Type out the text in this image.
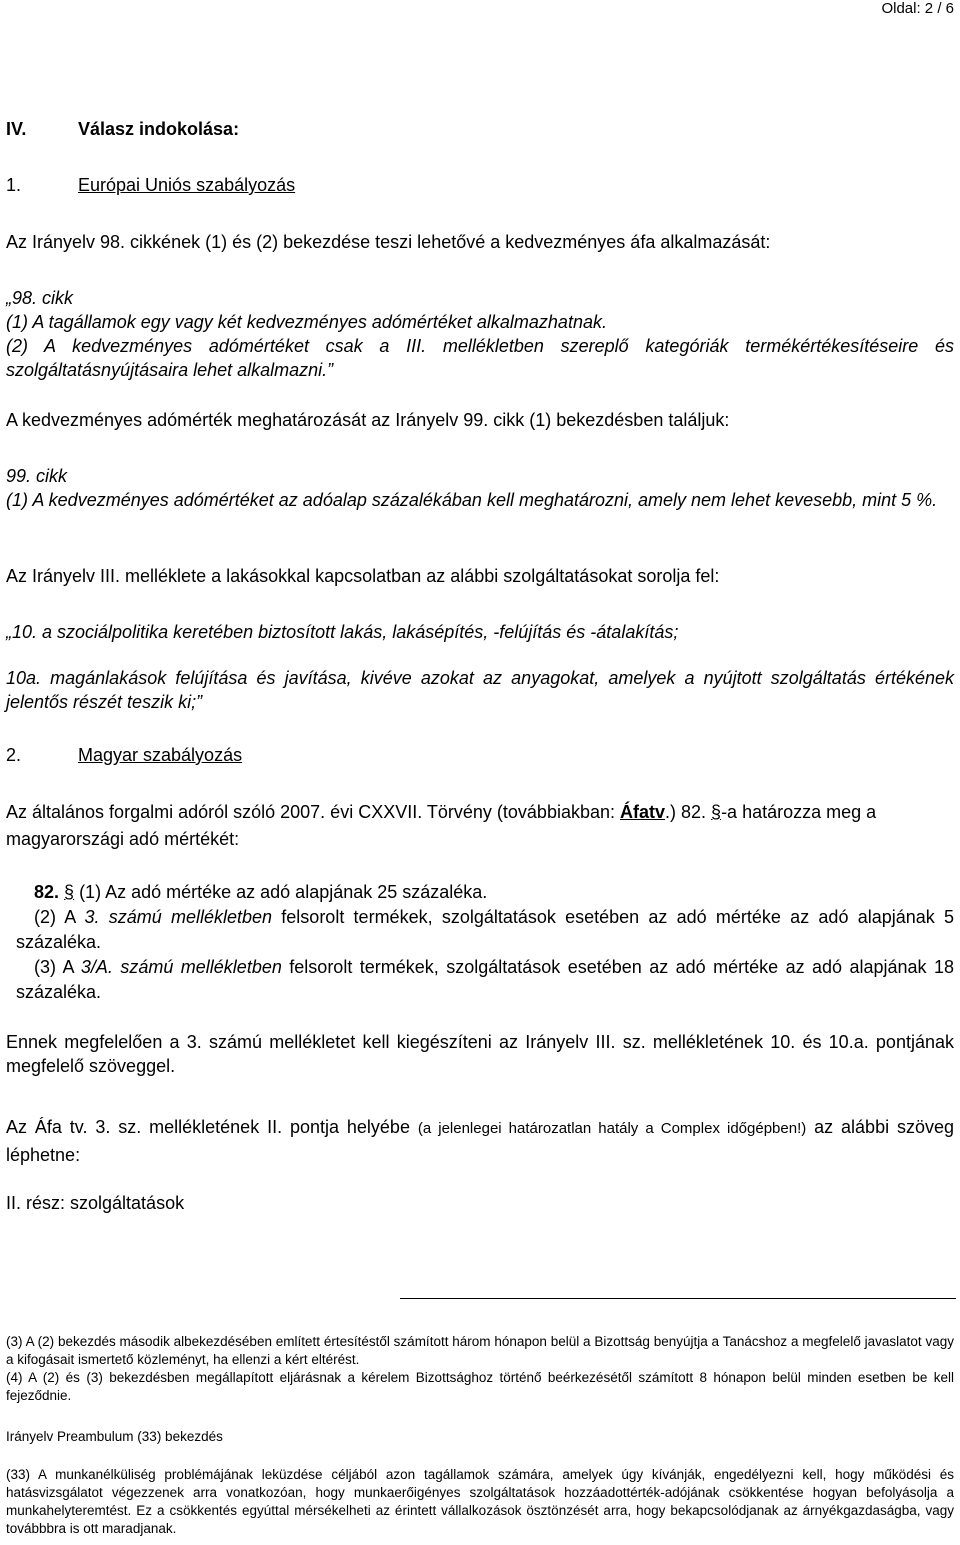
Oldal: 2 / 6
IV.	Válasz indokolása:
1.	Európai Uniós szabályozás
Az Irányelv 98. cikkének (1) és (2) bekezdése teszi lehetővé a kedvezményes áfa alkalmazását:
„98. cikk
(1) A tagállamok egy vagy két kedvezményes adómértéket alkalmazhatnak.
(2) A kedvezményes adómértéket csak a III. mellékletben szereplő kategóriák termékértékesítéseire és szolgáltatásnyújtásaira lehet alkalmazni.”
A kedvezményes adómérték meghatározását az Irányelv 99. cikk (1) bekezdésben találjuk:
99. cikk
(1) A kedvezményes adómértéket az adóalap százalékában kell meghatározni, amely nem lehet kevesebb, mint 5 %.
Az Irányelv III. melléklete a lakásokkal kapcsolatban az alábbi szolgáltatásokat sorolja fel:
„10. a szociálpolitika keretében biztosított lakás, lakásépítés, -felújítás és -átalakítás;
10a. magánlakások felújítása és javítása, kivéve azokat az anyagokat, amelyek a nyújtott szolgáltatás értékének jelentős részét teszik ki;”
2.	Magyar szabályozás
Az általános forgalmi adóról szóló 2007. évi CXXVII. Törvény (továbbiakban: Áfatv.) 82. §-a határozza meg a magyarországi adó mértékét:
82. § (1) Az adó mértéke az adó alapjának 25 százaléka.
(2) A 3. számú mellékletben felsorolt termékek, szolgáltatások esetében az adó mértéke az adó alapjának 5 százaléka.
(3) A 3/A. számú mellékletben felsorolt termékek, szolgáltatások esetében az adó mértéke az adó alapjának 18 százaléka.
Ennek megfelelően a 3. számú mellékletet kell kiegészíteni az Irányelv III. sz. mellékletének 10. és 10.a. pontjának megfelelő szöveggel.
Az Áfa tv. 3. sz. mellékletének II. pontja helyébe (a jelenlegei határozatlan hatály a Complex időgépben!) az alábbi szöveg léphetne:
II. rész: szolgáltatások
(3) A (2) bekezdés második albekezdésében említett értesítéstől számított három hónapon belül a Bizottság benyújtja a Tanácshoz a megfelelő javaslatot vagy a kifogásait ismertető közleményt, ha ellenzi a kért eltérést.
(4) A (2) és (3) bekezdésben megállapított eljárásnak a kérelem Bizottsághoz történő beérkezésétől számított 8 hónapon belül minden esetben be kell fejeződnie.
Irányelv Preambulum (33) bekezdés
(33) A munkanélküliség problémájának leküzdése céljából azon tagállamok számára, amelyek úgy kívánják, engedélyezni kell, hogy működési és hatásvizsgálatot végezzenek arra vonatkozóan, hogy munkaerőigényes szolgáltatások hozzáadottérték-adójának csökkentése hogyan befolyásolja a munkahelyteremtést. Ez a csökkentés egyúttal mérsékelheti az érintett vállalkozások ösztönzését arra, hogy bekapcsolódjanak az árnyékgazdaságba, vagy továbbbra is ott maradjanak.
